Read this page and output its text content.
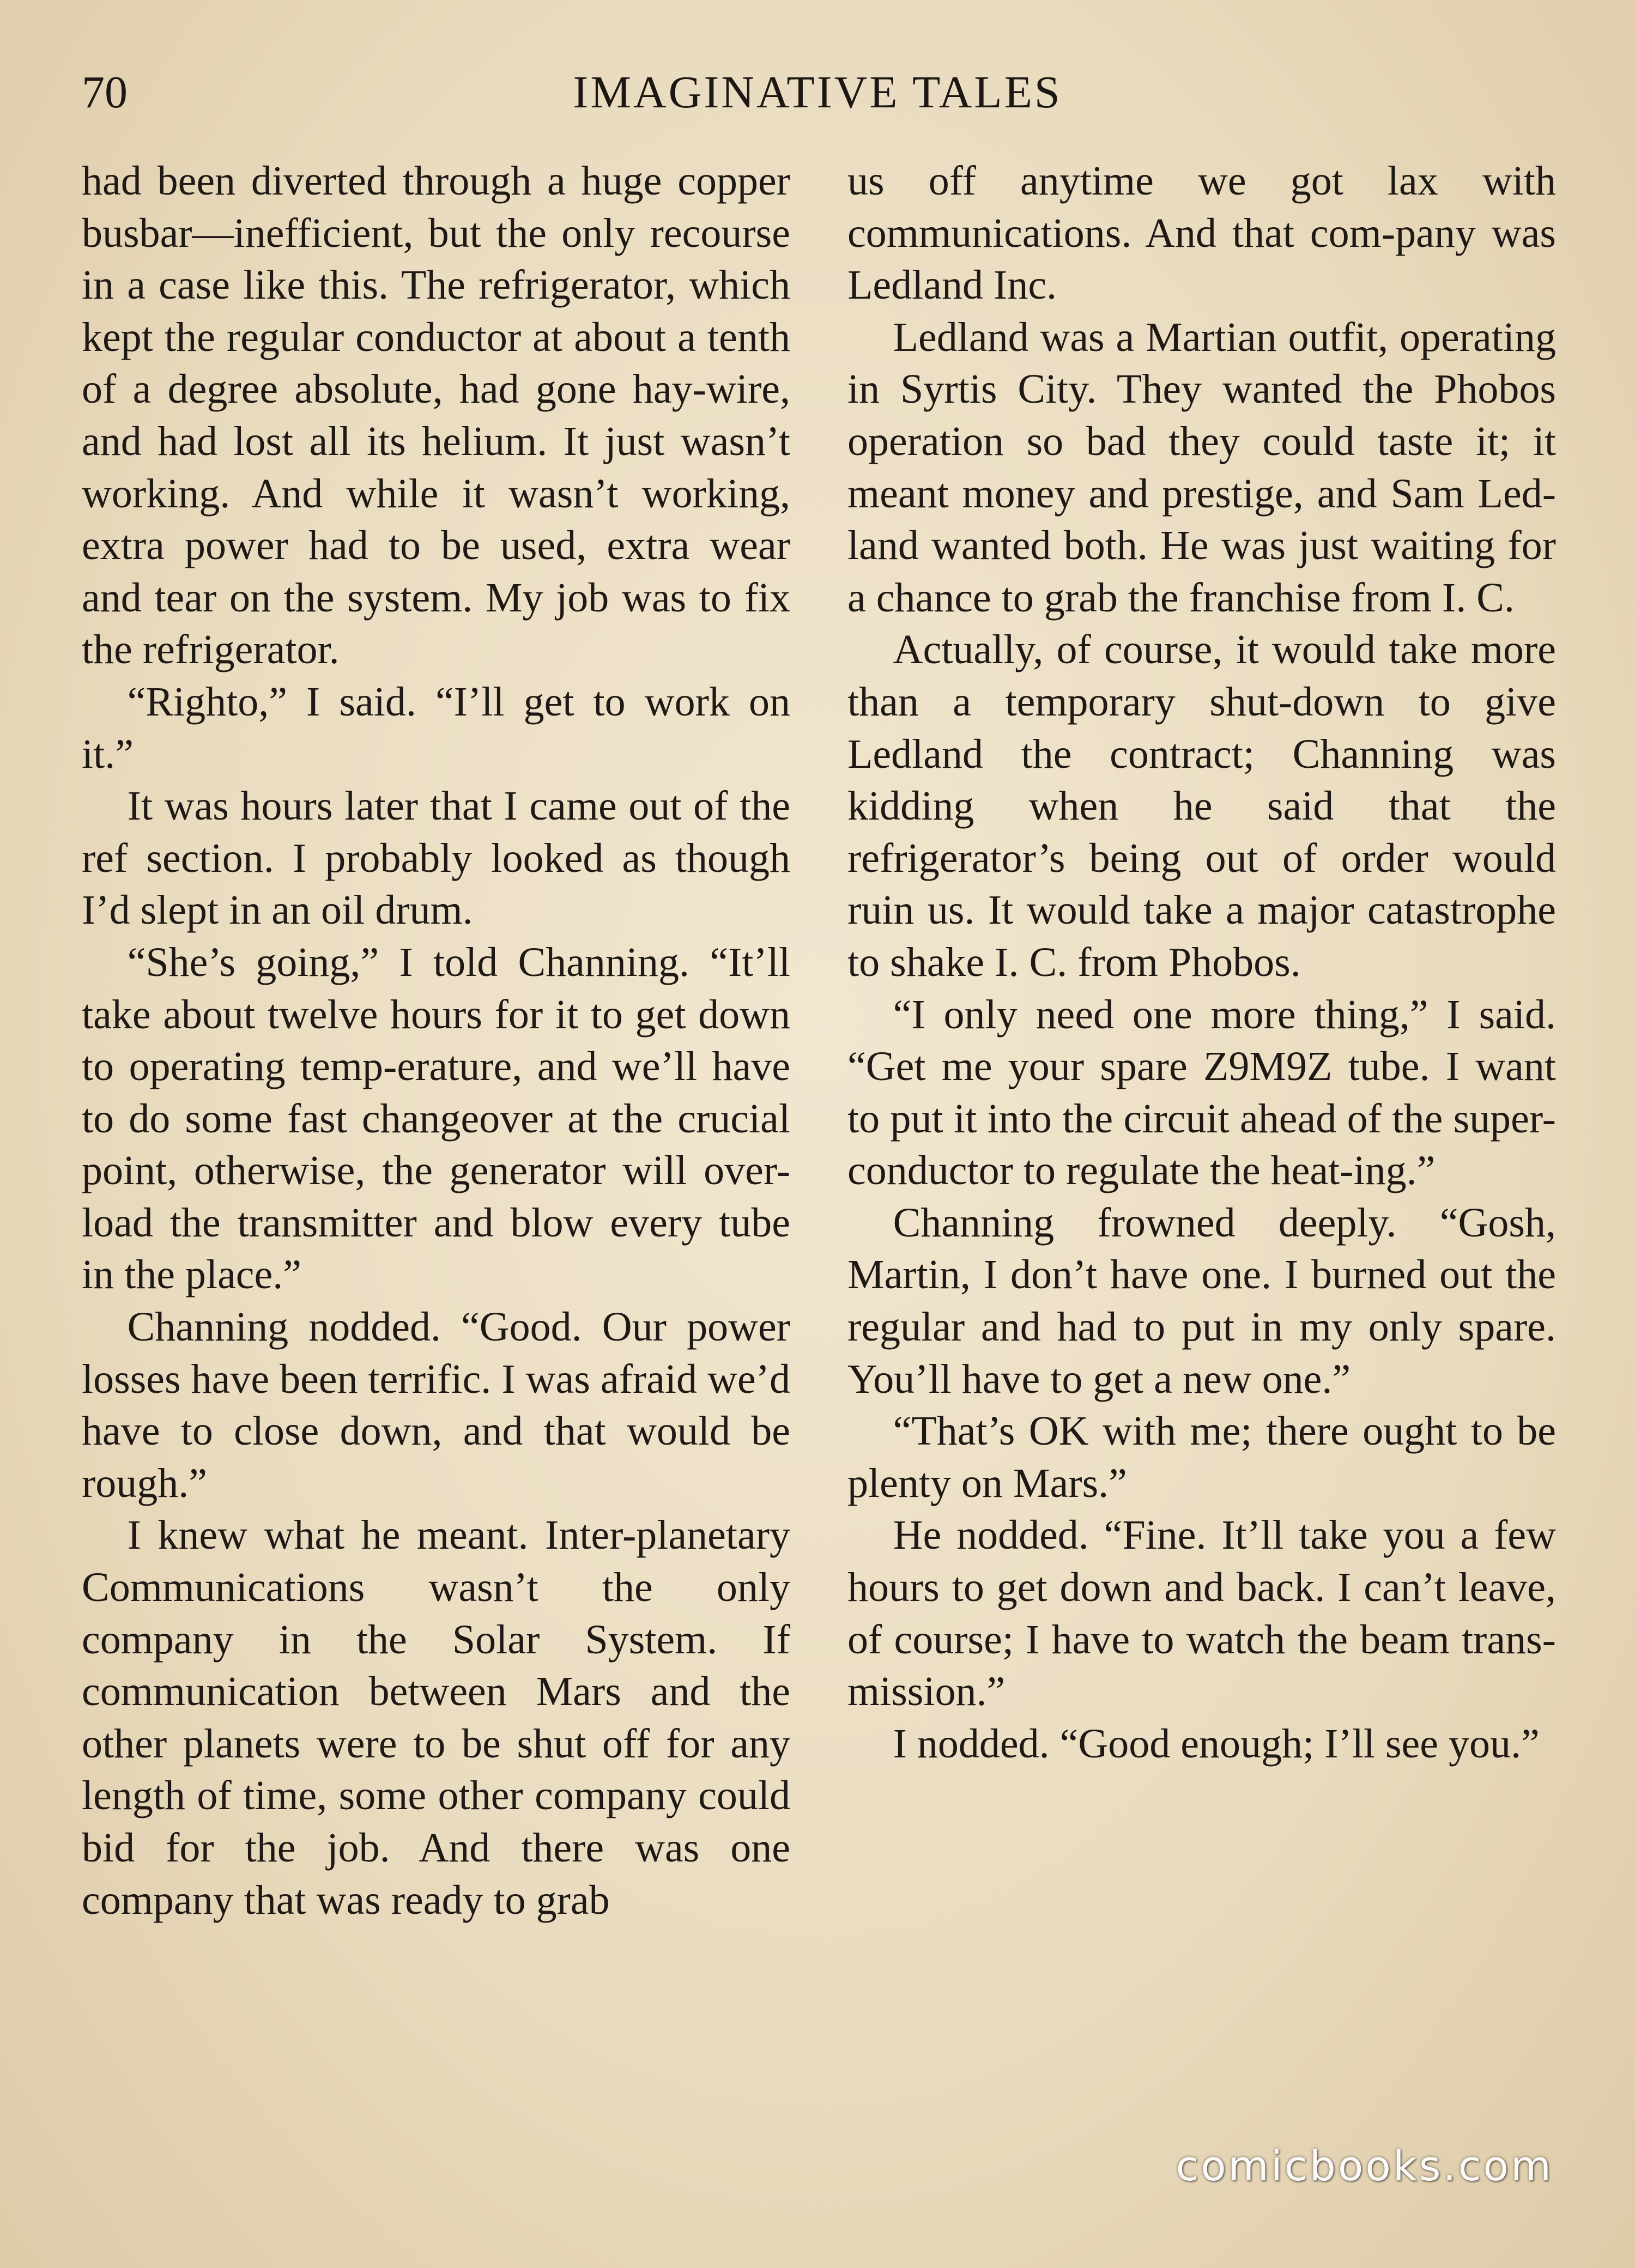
70	IMAGINATIVE TALES

had been diverted through a huge copper busbar—inefficient, but the only recourse in a case like this. The refrigerator, which kept the regular conductor at about a tenth of a degree absolute, had gone hay-wire, and had lost all its helium. It just wasn’t working. And while it wasn’t working, extra power had to be used, extra wear and tear on the system. My job was to fix the refrigerator.

“Righto,” I said. “I’ll get to work on it.”

It was hours later that I came out of the ref section. I probably looked as though I’d slept in an oil drum.

“She’s going,” I told Channing. “It’ll take about twelve hours for it to get down to operating temp-erature, and we’ll have to do some fast changeover at the crucial point, otherwise, the generator will over-load the transmitter and blow every tube in the place.”

Channing nodded. “Good. Our power losses have been terrific. I was afraid we’d have to close down, and that would be rough.”

I knew what he meant. Inter-planetary Communications wasn’t the only company in the Solar System. If communication between Mars and the other planets were to be shut off for any length of time, some other company could bid for the job. And there was one company that was ready to grab

us off anytime we got lax with communications. And that com-pany was Ledland Inc.

Ledland was a Martian outfit, operating in Syrtis City. They wanted the Phobos operation so bad they could taste it; it meant money and prestige, and Sam Led-land wanted both. He was just waiting for a chance to grab the franchise from I. C.

Actually, of course, it would take more than a temporary shut-down to give Ledland the contract; Channing was kidding when he said that the refrigerator’s being out of order would ruin us. It would take a major catastrophe to shake I. C. from Phobos.

“I only need one more thing,” I said. “Get me your spare Z9M9Z tube. I want to put it into the circuit ahead of the super-conductor to regulate the heat-ing.”

Channing frowned deeply. “Gosh, Martin, I don’t have one. I burned out the regular and had to put in my only spare. You’ll have to get a new one.”

“That’s OK with me; there ought to be plenty on Mars.”

He nodded. “Fine. It’ll take you a few hours to get down and back. I can’t leave, of course; I have to watch the beam trans-mission.”

I nodded. “Good enough; I’ll see you.”

comicbooks.com
